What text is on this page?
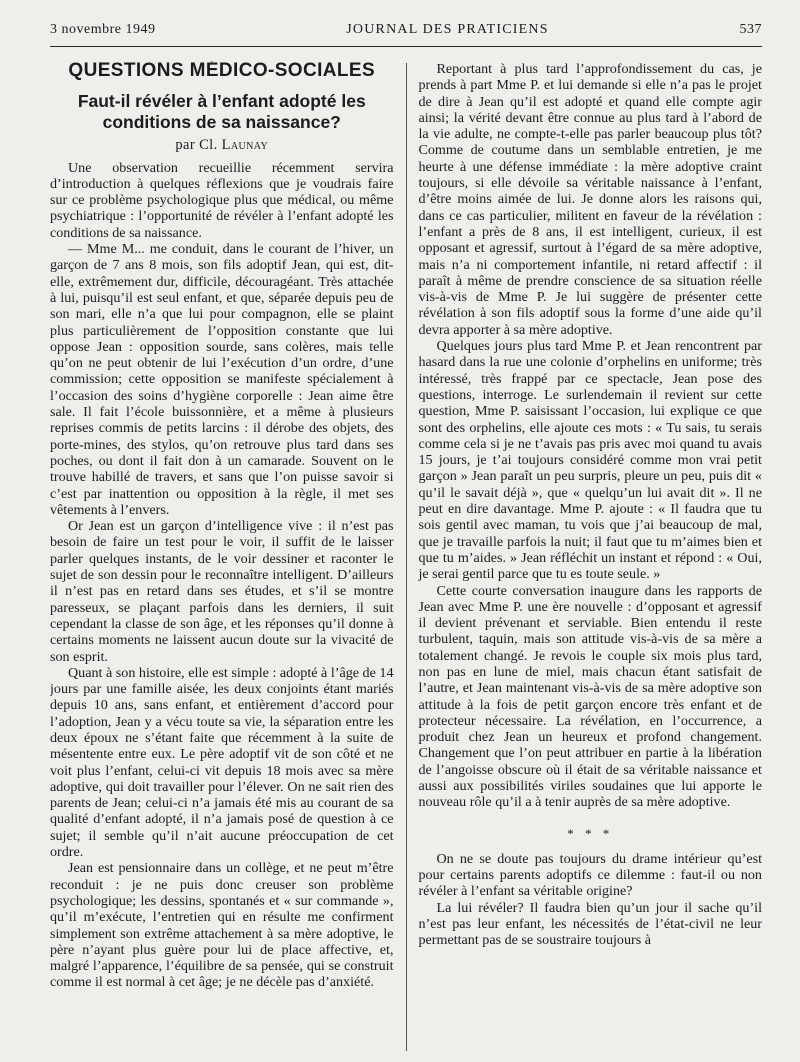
3 novembre 1949	JOURNAL DES PRATICIENS	537
QUESTIONS MÉDICO-SOCIALES
Faut-il révéler à l’enfant adopté les conditions de sa naissance?
par Cl. Launay

Une observation recueillie récemment servira d’introduction à quelques réflexions que je voudrais faire sur ce problème psychologique plus que médical, ou même psychiatrique : l’opportunité de révéler à l’enfant adopté les conditions de sa naissance.

— Mme M... me conduit, dans le courant de l’hiver, un garçon de 7 ans 8 mois, son fils adoptif Jean, qui est, dit-elle, extrêmement dur, difficile, découragéant. Très attachée à lui, puisqu’il est seul enfant, et que, séparée depuis peu de son mari, elle n’a que lui pour compagnon, elle se plaint plus particulièrement de l’opposition constante que lui oppose Jean : opposition sourde, sans colères, mais telle qu’on ne peut obtenir de lui l’exécution d’un ordre, d’une commission; cette opposition se manifeste spécialement à l’occasion des soins d’hygiène corporelle : Jean aime être sale. Il fait l’école buissonnière, et a même à plusieurs reprises commis de petits larcins : il dérobe des objets, des porte-mines, des stylos, qu’on retrouve plus tard dans ses poches, ou dont il fait don à un camarade. Souvent on le trouve habillé de travers, et sans que l’on puisse savoir si c’est par inattention ou opposition à la règle, il met ses vêtements à l’envers.

Or Jean est un garçon d’intelligence vive : il n’est pas besoin de faire un test pour le voir, il suffit de le laisser parler quelques instants, de le voir dessiner et raconter le sujet de son dessin pour le reconnaître intelligent. D’ailleurs il n’est pas en retard dans ses études, et s’il se montre paresseux, se plaçant parfois dans les derniers, il suit cependant la classe de son âge, et les réponses qu’il donne à certains moments ne laissent aucun doute sur la vivacité de son esprit.

Quant à son histoire, elle est simple : adopté à l’âge de 14 jours par une famille aisée, les deux conjoints étant mariés depuis 10 ans, sans enfant, et entièrement d’accord pour l’adoption, Jean y a vécu toute sa vie, la séparation entre les deux époux ne s’étant faite que récemment à la suite de mésentente entre eux. Le père adoptif vit de son côté et ne voit plus l’enfant, celui-ci vit depuis 18 mois avec sa mère adoptive, qui doit travailler pour l’élever. On ne sait rien des parents de Jean; celui-ci n’a jamais été mis au courant de sa qualité d’enfant adopté, il n’a jamais posé de question à ce sujet; il semble qu’il n’ait aucune préoccupation de cet ordre.

Jean est pensionnaire dans un collège, et ne peut m’être reconduit : je ne puis donc creuser son problème psychologique; les dessins, spontanés et « sur commande », qu’il m’exécute, l’entretien qui en résulte me confirment simplement son extrême attachement à sa mère adoptive, le père n’ayant plus guère pour lui de place affective, et, malgré l’apparence, l’équilibre de sa pensée, qui se construit comme il est normal à cet âge; je ne décèle pas d’anxiété.

Reportant à plus tard l’approfondissement du cas, je prends à part Mme P. et lui demande si elle n’a pas le projet de dire à Jean qu’il est adopté et quand elle compte agir ainsi; la vérité devant être connue au plus tard à l’abord de la vie adulte, ne compte-t-elle pas parler beaucoup plus tôt? Comme de coutume dans un semblable entretien, je me heurte à une défense immédiate : la mère adoptive craint toujours, si elle dévoile sa véritable naissance à l’enfant, d’être moins aimée de lui. Je donne alors les raisons qui, dans ce cas particulier, militent en faveur de la révélation : l’enfant a près de 8 ans, il est intelligent, curieux, il est opposant et agressif, surtout à l’égard de sa mère adoptive, mais n’a ni comportement infantile, ni retard affectif : il paraît à même de prendre conscience de sa situation réelle vis-à-vis de Mme P. Je lui suggère de présenter cette révélation à son fils adoptif sous la forme d’une aide qu’il devra apporter à sa mère adoptive.

Quelques jours plus tard Mme P. et Jean rencontrent par hasard dans la rue une colonie d’orphelins en uniforme; très intéressé, très frappé par ce spectacle, Jean pose des questions, interroge. Le surlendemain il revient sur cette question, Mme P. saisissant l’occasion, lui explique ce que sont des orphelins, elle ajoute ces mots : « Tu sais, tu serais comme cela si je ne t’avais pas pris avec moi quand tu avais 15 jours, je t’ai toujours considéré comme mon vrai petit garçon » Jean paraît un peu surpris, pleure un peu, puis dit « qu’il le savait déjà », que « quelqu’un lui avait dit ». Il ne peut en dire davantage. Mme P. ajoute : « Il faudra que tu sois gentil avec maman, tu vois que j’ai beaucoup de mal, que je travaille parfois la nuit; il faut que tu m’aimes bien et que tu m’aides. » Jean réfléchit un instant et répond : « Oui, je serai gentil parce que tu es toute seule. »

Cette courte conversation inaugure dans les rapports de Jean avec Mme P. une ère nouvelle : d’opposant et agressif il devient prévenant et serviable. Bien entendu il reste turbulent, taquin, mais son attitude vis-à-vis de sa mère a totalement changé. Je revois le couple six mois plus tard, non pas en lune de miel, mais chacun étant satisfait de l’autre, et Jean maintenant vis-à-vis de sa mère adoptive son attitude à la fois de petit garçon encore très enfant et de protecteur nécessaire. La révélation, en l’occurrence, a produit chez Jean un heureux et profond changement. Changement que l’on peut attribuer en partie à la libération de l’angoisse obscure où il était de sa véritable naissance et aussi aux possibilités viriles soudaines que lui apporte le nouveau rôle qu’il a à tenir auprès de sa mère adoptive.

* * *

On ne se doute pas toujours du drame intérieur qu’est pour certains parents adoptifs ce dilemme : faut-il ou non révéler à l’enfant sa véritable origine?

La lui révéler? Il faudra bien qu’un jour il sache qu’il n’est pas leur enfant, les nécessités de l’état-civil ne leur permettant pas de se soustraire toujours à
